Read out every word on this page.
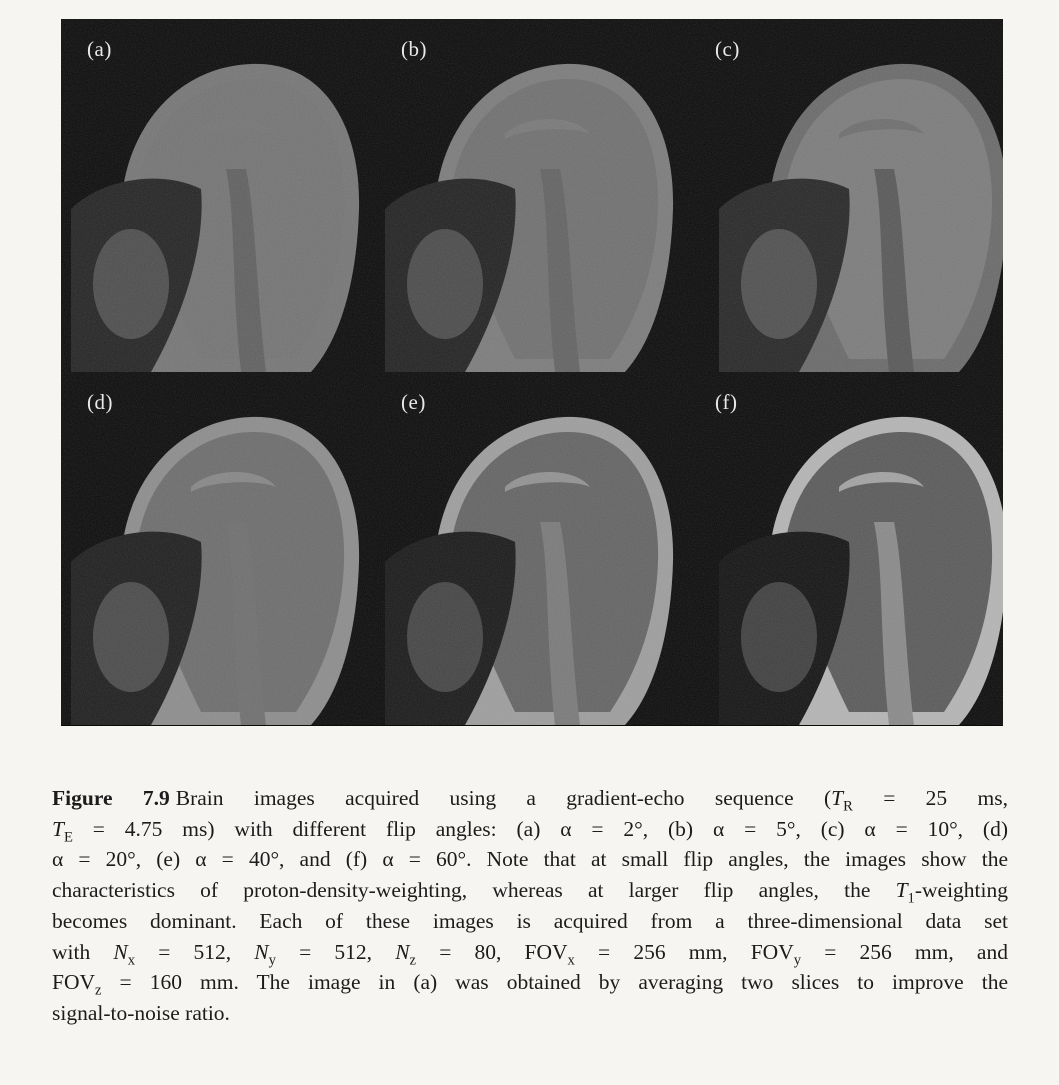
(a)	(b)	(c)
(d)	(e)	(f)
Figure 7.9 Brain images acquired using a gradient-echo sequence ($T_R = 25$ ms,
$T_E = 4.75$ ms) with different flip angles: (a) α = 2°, (b) α = 5°, (c) α = 10°, (d)
α = 20°, (e) α = 40°, and (f) α = 60°. Note that at small flip angles, the images show the
characteristics of proton-density-weighting, whereas at larger flip angles, the $T_1$-weighting
becomes dominant. Each of these images is acquired from a three-dimensional data set
with $N_x = 512$, $N_y = 512$, $N_z = 80$, $FOV_x = 256$ mm, $FOV_y = 256$ mm, and
$FOV_z = 160$ mm. The image in (a) was obtained by averaging two slices to improve the
signal-to-noise ratio.
